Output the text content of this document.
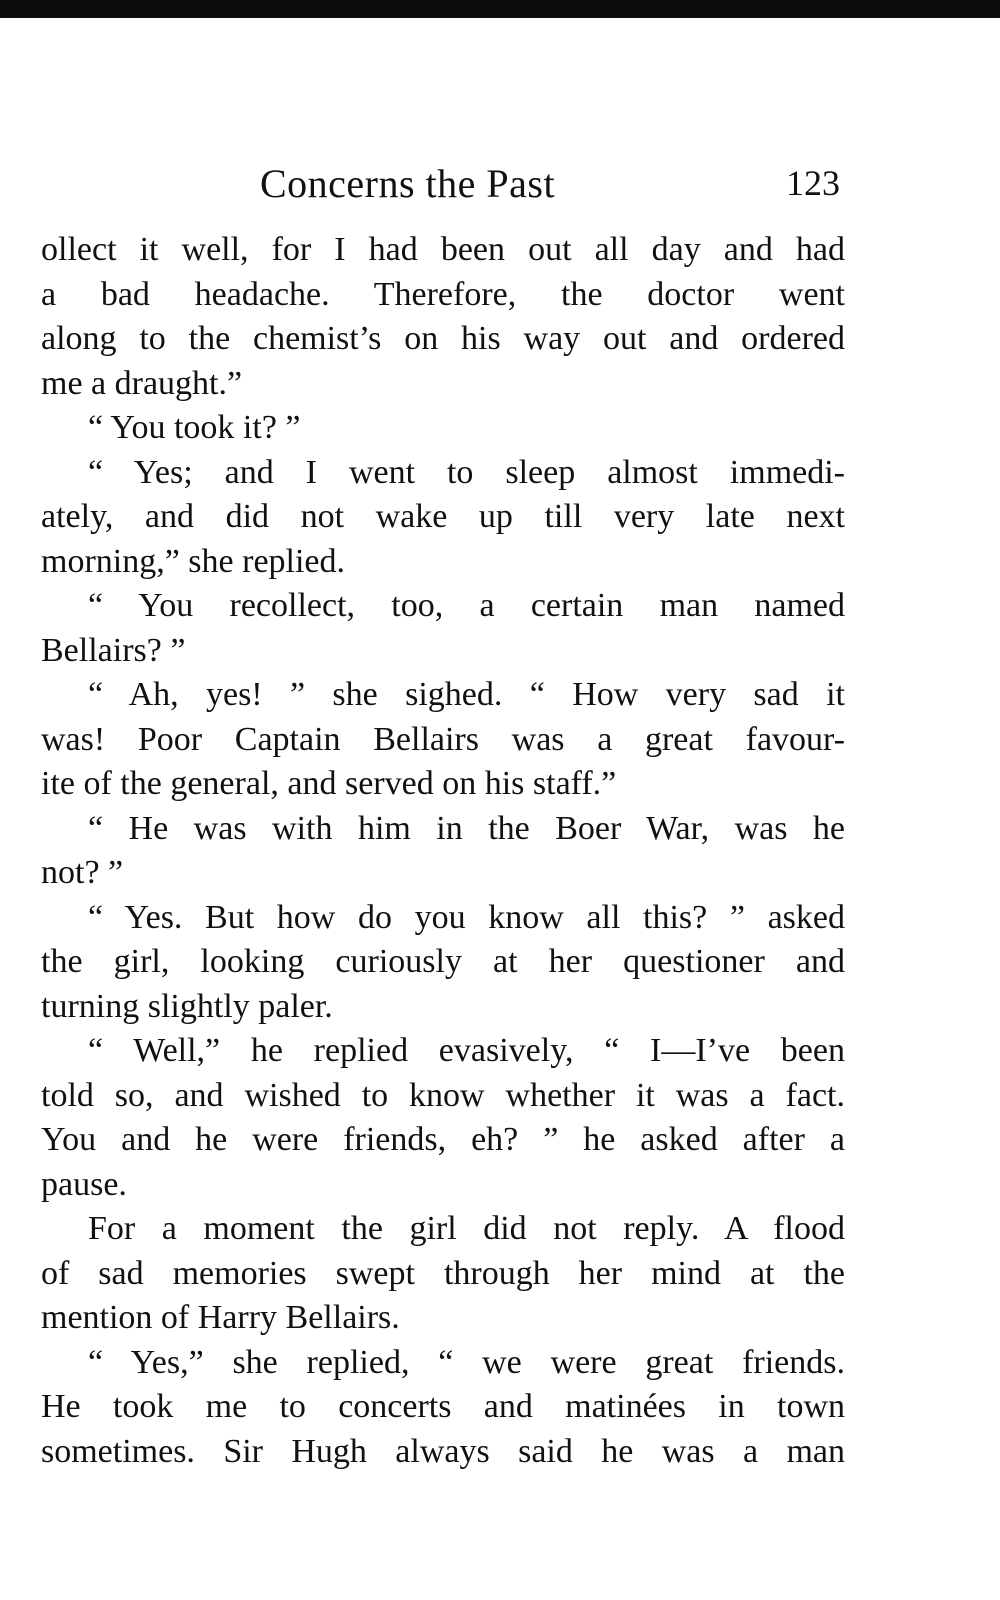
Concerns the Past	123
ollect it well, for I had been out all day and had
a bad headache. Therefore, the doctor went
along to the chemist’s on his way out and ordered
me a draught.”
“ You took it? ”
“ Yes; and I went to sleep almost immedi-
ately, and did not wake up till very late next
morning,” she replied.
“ You recollect, too, a certain man named
Bellairs? ”
“ Ah, yes! ” she sighed. “ How very sad it
was! Poor Captain Bellairs was a great favour-
ite of the general, and served on his staff.”
“ He was with him in the Boer War, was he
not? ”
“ Yes. But how do you know all this? ” asked
the girl, looking curiously at her questioner and
turning slightly paler.
“ Well,” he replied evasively, “ I—I’ve been
told so, and wished to know whether it was a fact.
You and he were friends, eh? ” he asked after a
pause.
For a moment the girl did not reply. A flood
of sad memories swept through her mind at the
mention of Harry Bellairs.
“ Yes,” she replied, “ we were great friends.
He took me to concerts and matinées in town
sometimes. Sir Hugh always said he was a man
